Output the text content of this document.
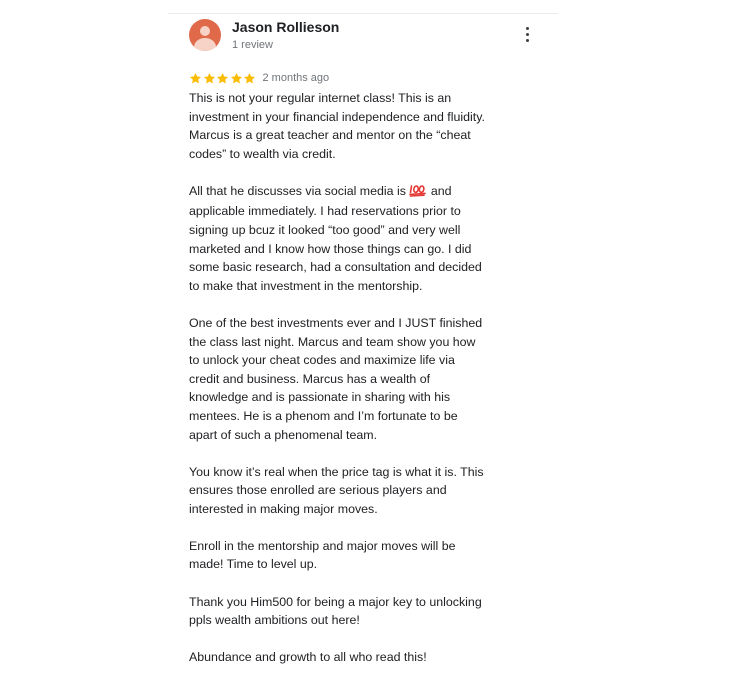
Jason Rollieson
1 review
2 months ago

This is not your regular internet class! This is an
investment in your financial independence and fluidity.
Marcus is a great teacher and mentor on the “cheat
codes” to wealth via credit.

All that he discusses via social media is  and
applicable immediately. I had reservations prior to
signing up bcuz it looked “too good” and very well
marketed and I know how those things can go. I did
some basic research, had a consultation and decided
to make that investment in the mentorship.

One of the best investments ever and I JUST finished
the class last night. Marcus and team show you how
to unlock your cheat codes and maximize life via
credit and business. Marcus has a wealth of
knowledge and is passionate in sharing with his
mentees. He is a phenom and I’m fortunate to be
apart of such a phenomenal team.

You know it’s real when the price tag is what it is. This
ensures those enrolled are serious players and
interested in making major moves.

Enroll in the mentorship and major moves will be
made! Time to level up.

Thank you Him500 for being a major key to unlocking
ppls wealth ambitions out here!

Abundance and growth to all who read this!
